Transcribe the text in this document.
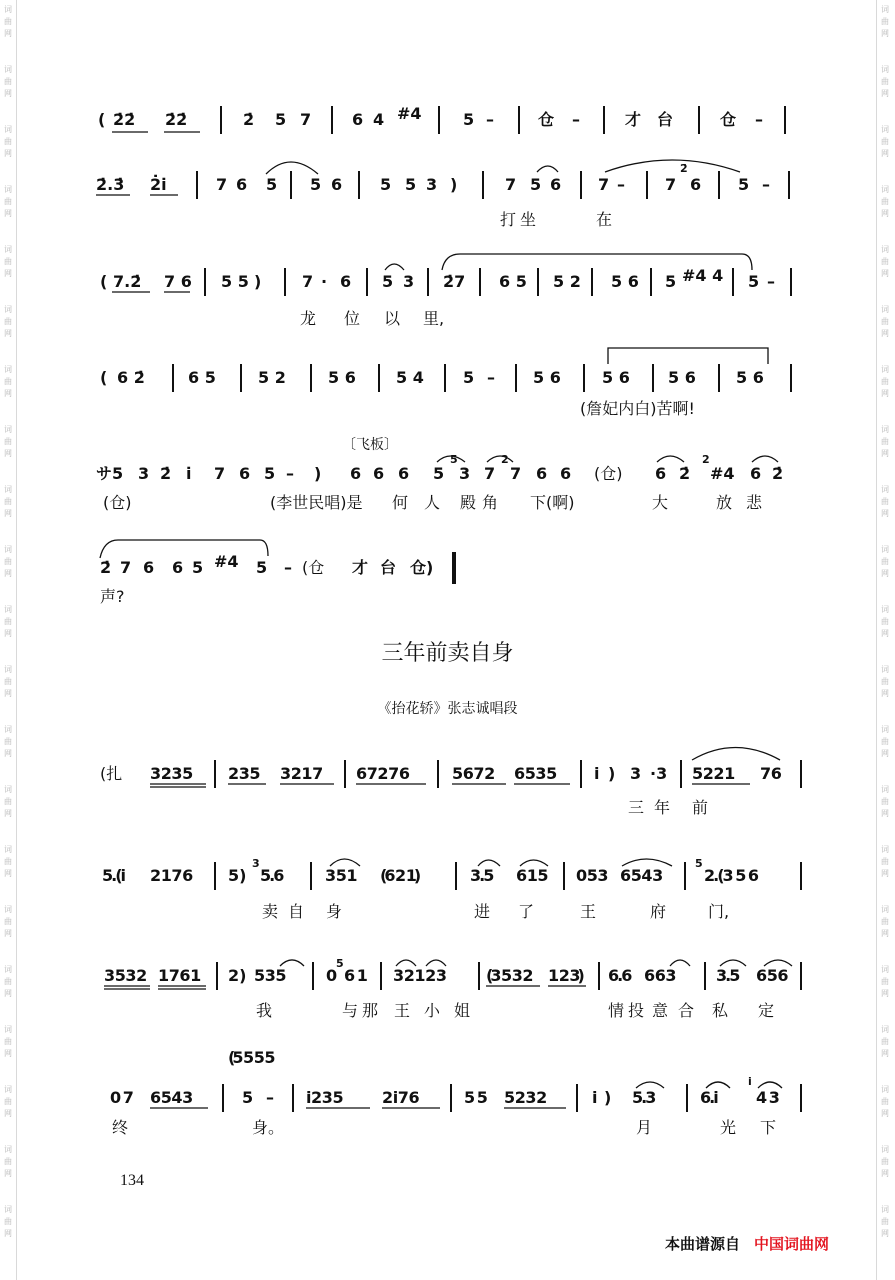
词
曲
网
词
曲
网
词
曲
网
词
曲
网
词
曲
网
词
曲
网
词
曲
网
词
曲
网
词
曲
网
词
曲
网
词
曲
网
词
曲
网
词
曲
网
词
曲
网
词
曲
网
词
曲
网
词
曲
网
词
曲
网
词
曲
网
词
曲
网
词
曲
网
词
曲
网
词
曲
网
词
曲
网
词
曲
网
词
曲
网
词
曲
网
词
曲
网
词
曲
网
词
曲
网
词
曲
网
词
曲
网
词
曲
网
词
曲
网
词
曲
网
词
曲
网
词
曲
网
词
曲
网
词
曲
网
词
曲
网
词
曲
网
词
曲
网
( 2̇2̇ 2̇2̇	2̇ 5 7	6 4 #4	5 –	仓 –	才 台	仓 –
2̇.3̇ 2̇i̇	7 6 5 5 6 5 5 3 )	7 5 6 7 –	7
2̇
6 5 –
打坐	在
( 7.2̇ 7 6 5 5 )	7 · 6 5 3 2̇7 6 5 5 2 5 6 5 #4 4 5 –
龙 位 以 里,
( 6 2̇	6 5	5 2	5 6	5 4 5 – 5 6	5 6 5 6	5 6
(詹妃内白)苦啊!
〔飞板〕
サ5 3 2̇ i̇ 7 6 5 – ) 6 6 6 5
5
3 7
2
7 6 6 (仓) 6 2̇
2
#4 6 2̇
(仓)	(李世民唱)是 何 人 殿 角 下(啊)	大	放 悲
2̇ 7 6 6 5 #4 5 – (仓 才 台 仓)
声?
三年前卖自身
《抬花轿》张志诚唱段
(扎 3 2 3 5 2 3 5 3 2 1 7 6 7 2 7 6	5 6 7 2 6 5 3 5 i ) 3 ·3 5 2 2 1 7 6
三 年 前
5.(i 2 1 7 6 5)
3
5.6	3 5 1 (6 2 1)	3.5 6 1 5 0 5 3 6 5 4 3
5
2.(3 5 6
卖 自 身	进 了	王	府	门,
3 5 3 2 1 7 6 1 2) 5 3 5	0
5
6 1 3 2 1 2 3	(3 5 3 2 1 2 3) 6.6 6 6 3	3.5 6 5 6
我	与 那 王 小 姐	情 投 意 合 私 定
(5 5 5 5
0 7 6 5 4 3	5 – i 2 3 5	2 i 7 6	5 5 5 2 3 2	i ) 5.3	6.i
i
4 3
终	身。	月	光 下
134
本曲谱源自 中国词曲网
